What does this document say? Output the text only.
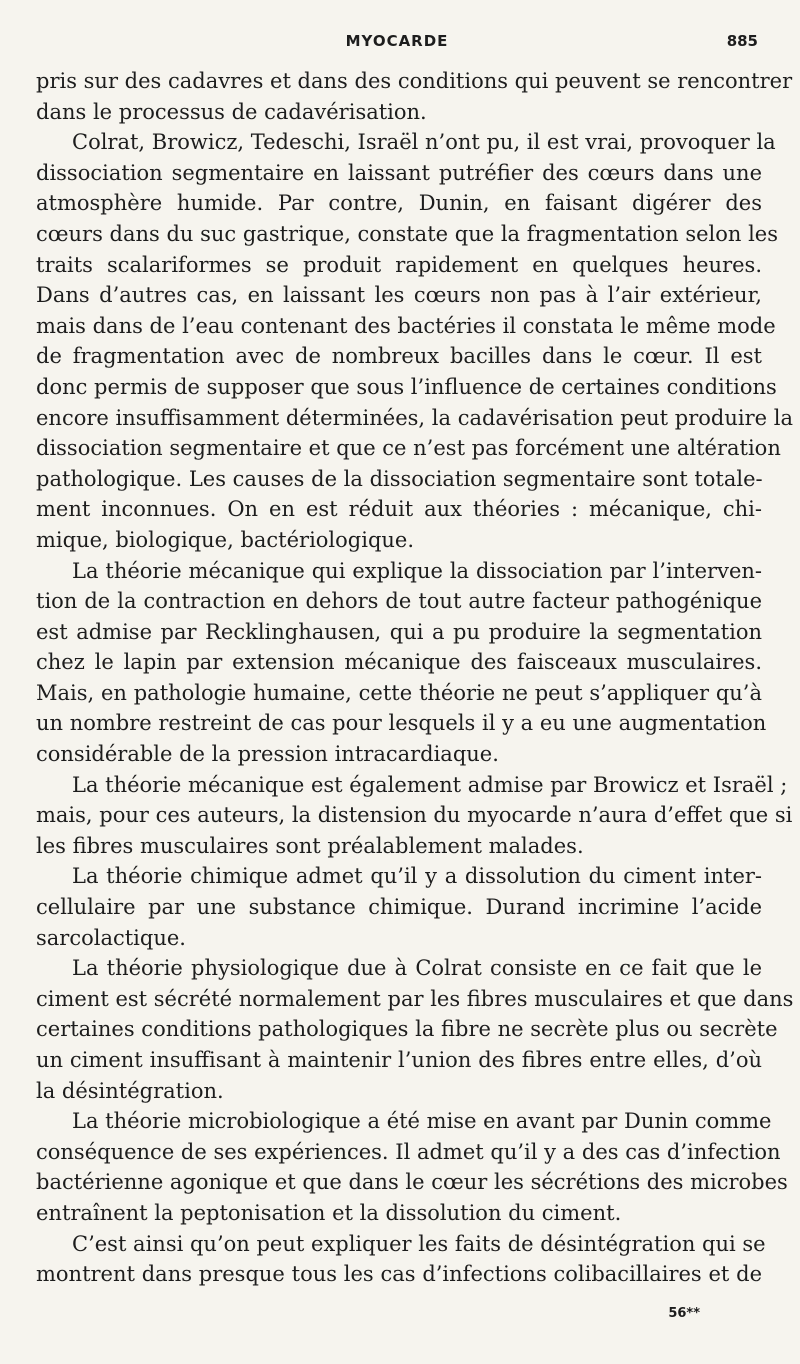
MYOCARDE	885
pris sur des cadavres et dans des conditions qui peuvent se rencontrer
dans le processus de cadavérisation.
Colrat, Browicz, Tedeschi, Israël n’ont pu, il est vrai, provoquer la
dissociation segmentaire en laissant putréfier des cœurs dans une
atmosphère humide. Par contre, Dunin, en faisant digérer des
cœurs dans du suc gastrique, constate que la fragmentation selon les
traits scalariformes se produit rapidement en quelques heures.
Dans d’autres cas, en laissant les cœurs non pas à l’air extérieur,
mais dans de l’eau contenant des bactéries il constata le même mode
de fragmentation avec de nombreux bacilles dans le cœur. Il est
donc permis de supposer que sous l’influence de certaines conditions
encore insuffisamment déterminées, la cadavérisation peut produire la
dissociation segmentaire et que ce n’est pas forcément une altération
pathologique. Les causes de la dissociation segmentaire sont totale-
ment inconnues. On en est réduit aux théories : mécanique, chi-
mique, biologique, bactériologique.
La théorie mécanique qui explique la dissociation par l’interven-
tion de la contraction en dehors de tout autre facteur pathogénique
est admise par Recklinghausen, qui a pu produire la segmentation
chez le lapin par extension mécanique des faisceaux musculaires.
Mais, en pathologie humaine, cette théorie ne peut s’appliquer qu’à
un nombre restreint de cas pour lesquels il y a eu une augmentation
considérable de la pression intracardiaque.
La théorie mécanique est également admise par Browicz et Israël ;
mais, pour ces auteurs, la distension du myocarde n’aura d’effet que si
les fibres musculaires sont préalablement malades.
La théorie chimique admet qu’il y a dissolution du ciment inter-
cellulaire par une substance chimique. Durand incrimine l’acide
sarcolactique.
La théorie physiologique due à Colrat consiste en ce fait que le
ciment est sécrété normalement par les fibres musculaires et que dans
certaines conditions pathologiques la fibre ne secrète plus ou secrète
un ciment insuffisant à maintenir l’union des fibres entre elles, d’où
la désintégration.
La théorie microbiologique a été mise en avant par Dunin comme
conséquence de ses expériences. Il admet qu’il y a des cas d’infection
bactérienne agonique et que dans le cœur les sécrétions des microbes
entraînent la peptonisation et la dissolution du ciment.
C’est ainsi qu’on peut expliquer les faits de désintégration qui se
montrent dans presque tous les cas d’infections colibacillaires et de
56**
